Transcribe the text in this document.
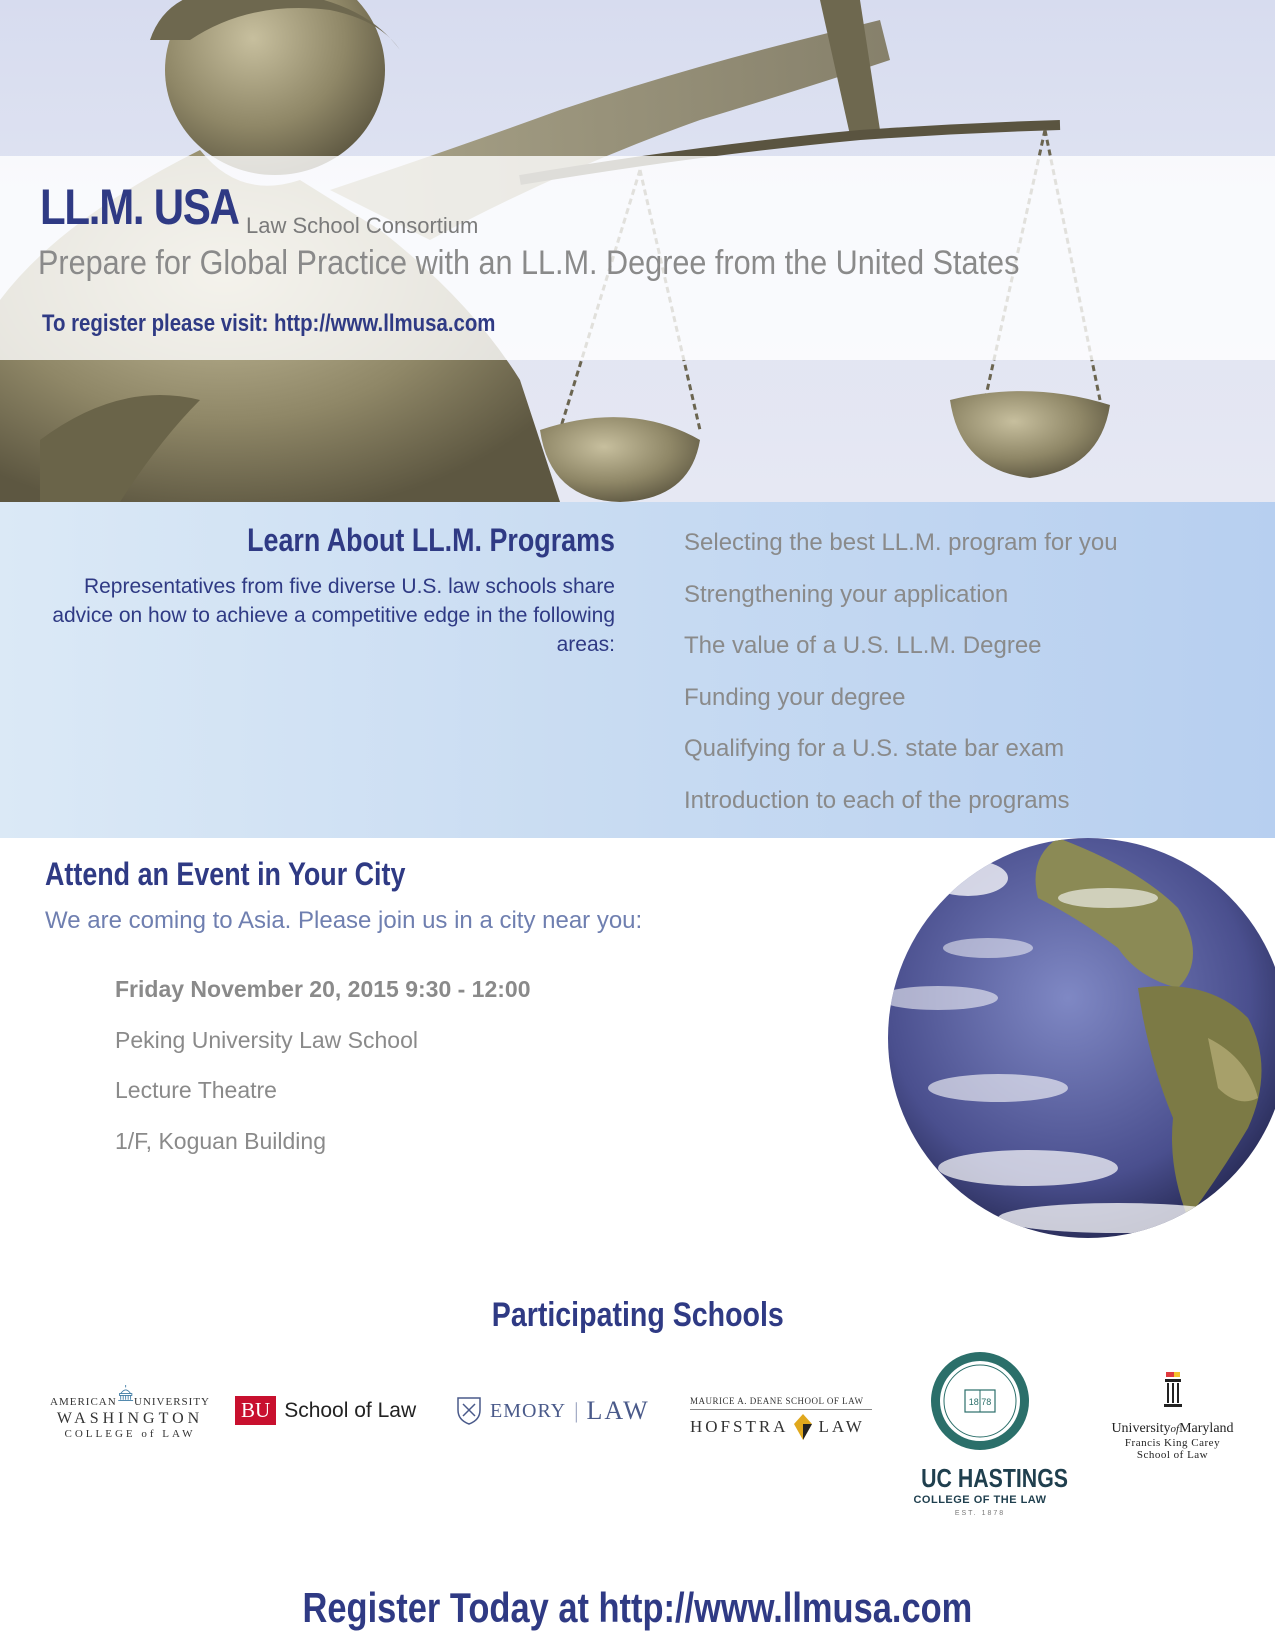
LL.M. USA Law School Consortium
Prepare for Global Practice with an LL.M. Degree from the United States
To register please visit: http://www.llmusa.com
Learn About LL.M. Programs
Representatives from five diverse U.S. law schools share advice on how to achieve a competitive edge in the following areas:
Selecting the best LL.M. program for you
Strengthening your application
The value of a U.S. LL.M. Degree
Funding your degree
Qualifying for a U.S. state bar exam
Introduction to each of the programs
Attend an Event in Your City
We are coming to Asia. Please join us in a city near you:
Friday November 20, 2015 9:30 - 12:00
Peking University Law School
Lecture Theatre
1/F, Koguan Building
Participating Schools
AMERICAN UNIVERSITY
WASHINGTON
COLLEGE of LAW
BU School of Law	EMORY | LAW	MAURICE A. DEANE SCHOOL OF LAW
HOFSTRA LAW
18 78
UC HASTINGS
COLLEGE OF THE LAW
EST. 1878
UniversityofMaryland
Francis King Carey
School of Law
Register Today at http://www.llmusa.com
